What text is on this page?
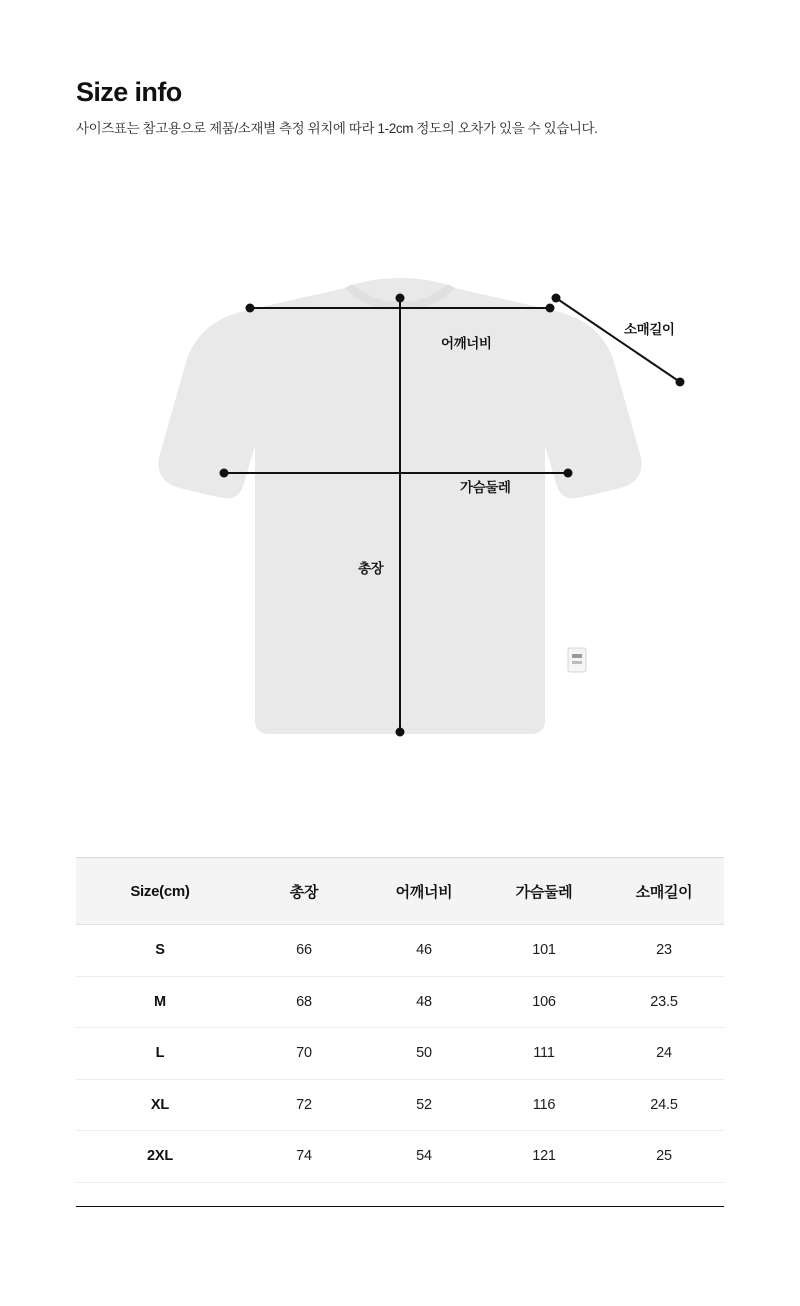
Size info

사이즈표는 참고용으로 제품/소재별 측정 위치에 따라 1-2cm 정도의 오차가 있을 수 있습니다.

소매길이
어깨너비
가슴둘레
총장
Size(cm)	총장	어깨너비	가슴둘레	소매길이
S	66	46	101	23
M	68	48	106	23.5
L	70	50	111	24
XL	72	52	116	24.5
2XL	74	54	121	25
